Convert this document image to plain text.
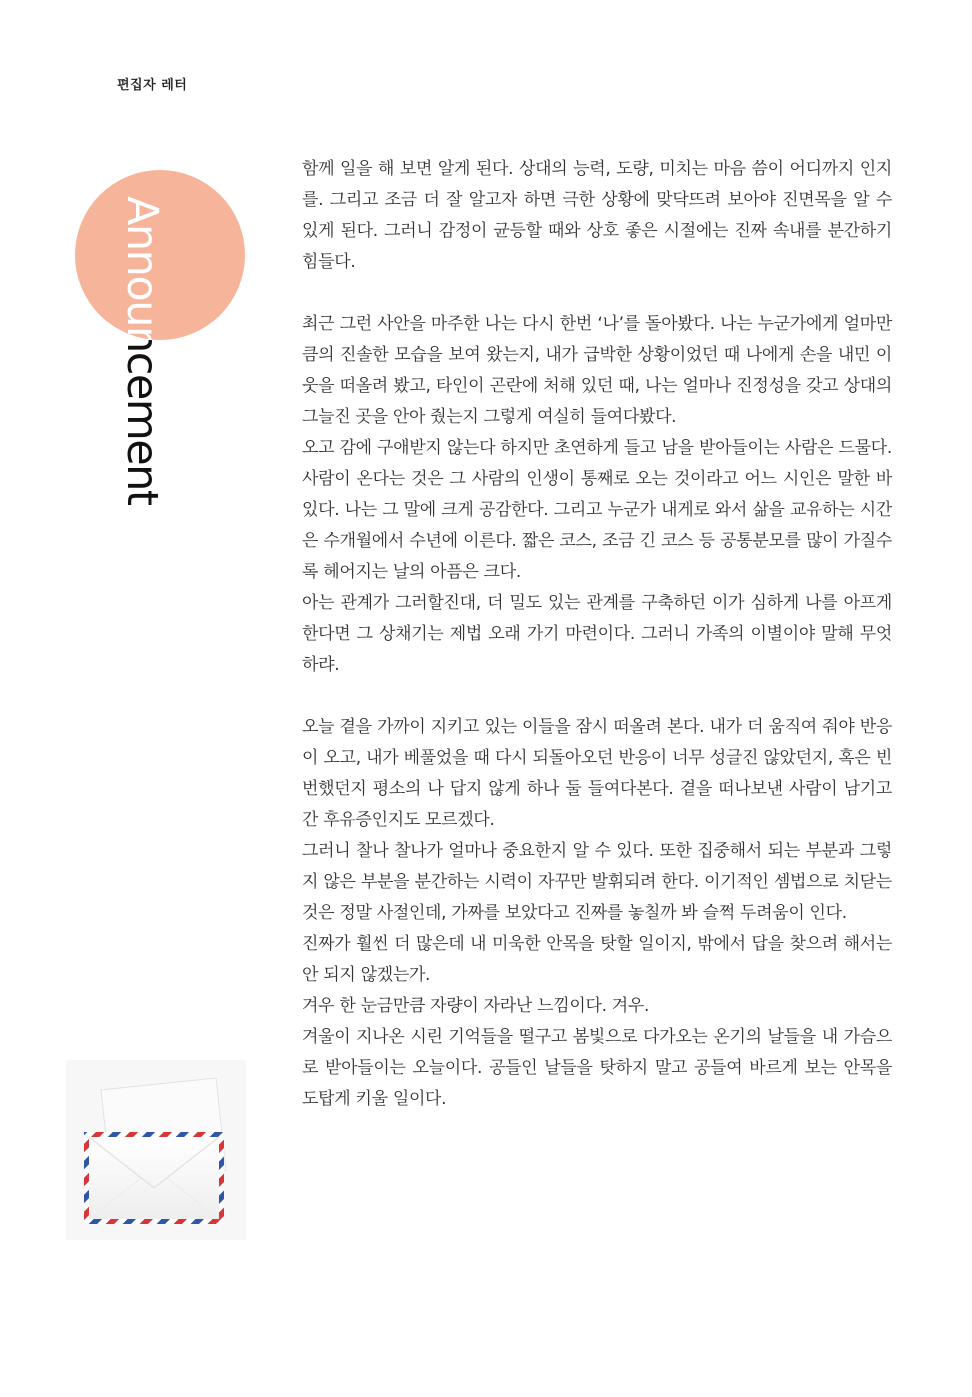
편집자 레터
Announcement

함께 일을 해 보면 알게 된다. 상대의 능력, 도량, 미치는 마음 씀이 어디까지 인지를. 그리고 조금 더 잘 알고자 하면 극한 상황에 맞닥뜨려 보아야 진면목을 알 수 있게 된다. 그러니 감정이 균등할 때와 상호 좋은 시절에는 진짜 속내를 분간하기 힘들다.

최근 그런 사안을 마주한 나는 다시 한번 ‘나’를 돌아봤다. 나는 누군가에게 얼마만큼의 진솔한 모습을 보여 왔는지, 내가 급박한 상황이었던 때 나에게 손을 내민 이웃을 떠올려 봤고, 타인이 곤란에 처해 있던 때, 나는 얼마나 진정성을 갖고 상대의 그늘진 곳을 안아 줬는지 그렇게 여실히 들여다봤다.

오고 감에 구애받지 않는다 하지만 초연하게 들고 남을 받아들이는 사람은 드물다. 사람이 온다는 것은 그 사람의 인생이 통째로 오는 것이라고 어느 시인은 말한 바 있다. 나는 그 말에 크게 공감한다. 그리고 누군가 내게로 와서 삶을 교유하는 시간은 수개월에서 수년에 이른다. 짧은 코스, 조금 긴 코스 등 공통분모를 많이 가질수록 헤어지는 날의 아픔은 크다.

아는 관계가 그러할진대, 더 밀도 있는 관계를 구축하던 이가 심하게 나를 아프게 한다면 그 상채기는 제법 오래 가기 마련이다. 그러니 가족의 이별이야 말해 무엇하랴.

오늘 곁을 가까이 지키고 있는 이들을 잠시 떠올려 본다. 내가 더 움직여 줘야 반응이 오고, 내가 베풀었을 때 다시 되돌아오던 반응이 너무 성글진 않았던지, 혹은 빈번했던지 평소의 나 답지 않게 하나 둘 들여다본다. 곁을 떠나보낸 사람이 남기고 간 후유증인지도 모르겠다.

그러니 찰나 찰나가 얼마나 중요한지 알 수 있다. 또한 집중해서 되는 부분과 그렇지 않은 부분을 분간하는 시력이 자꾸만 발휘되려 한다. 이기적인 셈법으로 치닫는 것은 정말 사절인데, 가짜를 보았다고 진짜를 놓칠까 봐 슬쩍 두려움이 인다.

진짜가 훨씬 더 많은데 내 미욱한 안목을 탓할 일이지, 밖에서 답을 찾으려 해서는 안 되지 않겠는가.

겨우 한 눈금만큼 자량이 자라난 느낌이다. 겨우.

겨울이 지나온 시린 기억들을 떨구고 봄빛으로 다가오는 온기의 날들을 내 가슴으로 받아들이는 오늘이다. 공들인 날들을 탓하지 말고 공들여 바르게 보는 안목을 도탑게 키울 일이다.
